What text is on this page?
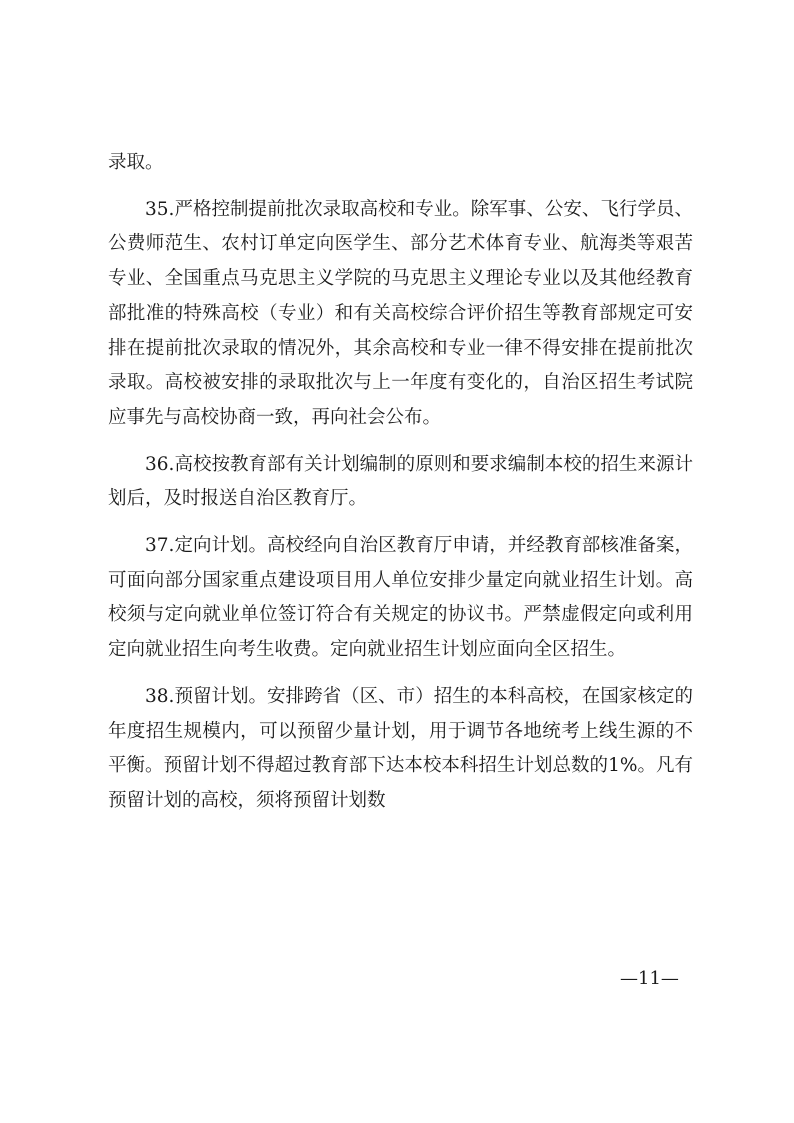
录取。

35.严格控制提前批次录取高校和专业。除军事、公安、飞行学员、公费师范生、农村订单定向医学生、部分艺术体育专业、航海类等艰苦专业、全国重点马克思主义学院的马克思主义理论专业以及其他经教育部批准的特殊高校（专业）和有关高校综合评价招生等教育部规定可安排在提前批次录取的情况外，其余高校和专业一律不得安排在提前批次录取。高校被安排的录取批次与上一年度有变化的，自治区招生考试院应事先与高校协商一致，再向社会公布。

36.高校按教育部有关计划编制的原则和要求编制本校的招生来源计划后，及时报送自治区教育厅。

37.定向计划。高校经向自治区教育厅申请，并经教育部核准备案，可面向部分国家重点建设项目用人单位安排少量定向就业招生计划。高校须与定向就业单位签订符合有关规定的协议书。严禁虚假定向或利用定向就业招生向考生收费。定向就业招生计划应面向全区招生。

38.预留计划。安排跨省（区、市）招生的本科高校，在国家核定的年度招生规模内，可以预留少量计划，用于调节各地统考上线生源的不平衡。预留计划不得超过教育部下达本校本科招生计划总数的1%。凡有预留计划的高校，须将预留计划数

—11—
